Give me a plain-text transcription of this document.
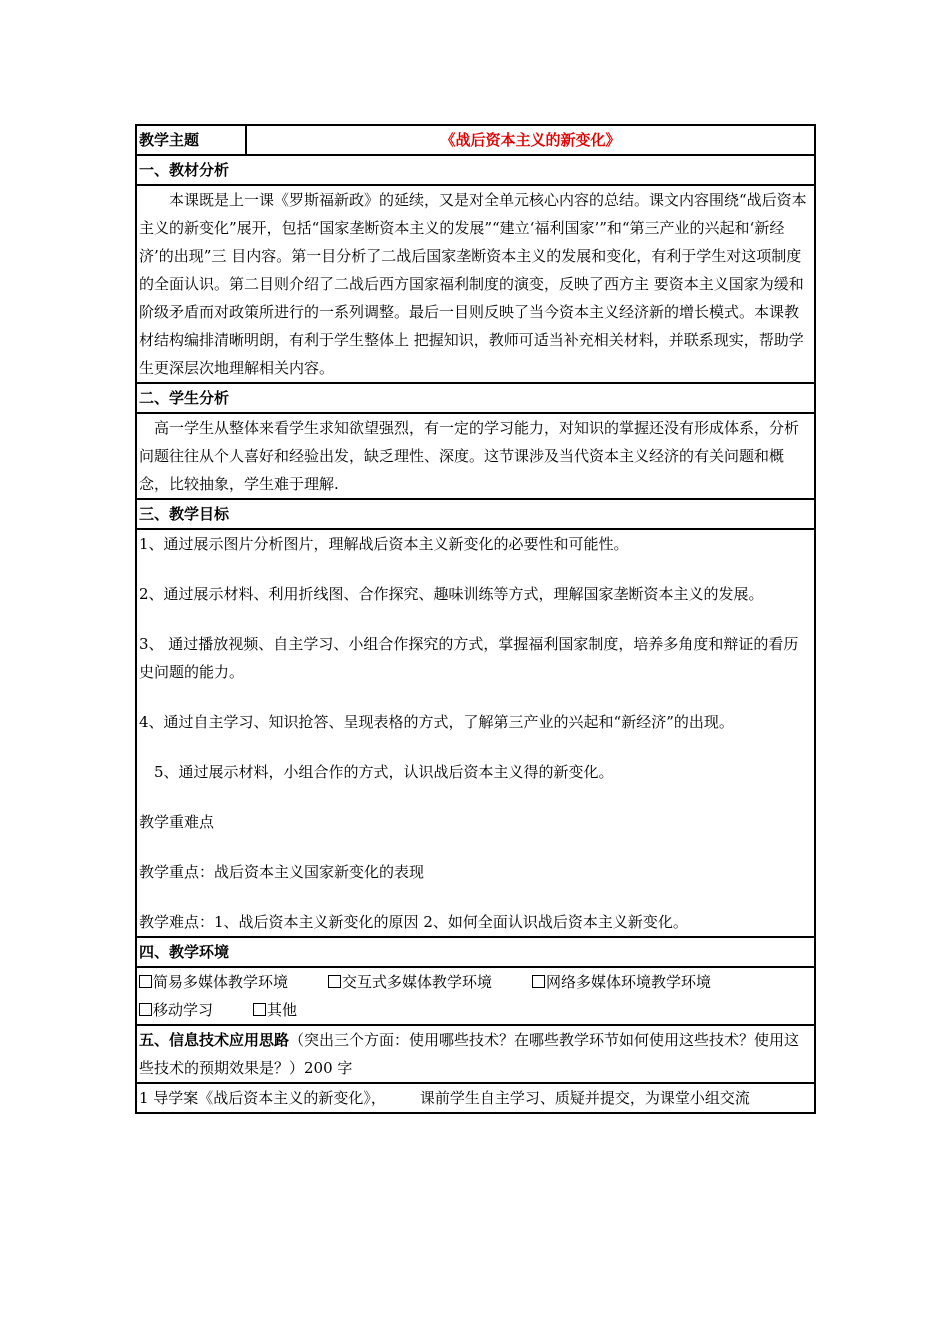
教学主题	《战后资本主义的新变化》
一、教材分析

本课既是上一课《罗斯福新政》的延续，又是对全单元核心内容的总结。课文内容围绕“战后资本主义的新变化”展开，包括“国家垄断资本主义的发展”“建立‘福利国家’”和“第三产业的兴起和‘新经济’的出现”三 目内容。第一目分析了二战后国家垄断资本主义的发展和变化，有利于学生对这项制度的全面认识。第二目则介绍了二战后西方国家福利制度的演变，反映了西方主 要资本主义国家为缓和阶级矛盾而对政策所进行的一系列调整。最后一目则反映了当今资本主义经济新的增长模式。本课教材结构编排清晰明朗，有利于学生整体上 把握知识，教师可适当补充相关材料，并联系现实，帮助学生更深层次地理解相关内容。

二、学生分析

高一学生从整体来看学生求知欲望强烈，有一定的学习能力，对知识的掌握还没有形成体系，分析问题往往从个人喜好和经验出发，缺乏理性、深度。这节课涉及当代资本主义经济的有关问题和概念，比较抽象，学生难于理解.

三、教学目标

1、通过展示图片分析图片，理解战后资本主义新变化的必要性和可能性。

2、通过展示材料、利用折线图、合作探究、趣味训练等方式，理解国家垄断资本主义的发展。

3、 通过播放视频、自主学习、小组合作探究的方式，掌握福利国家制度，培养多角度和辩证的看历史问题的能力。

4、通过自主学习、知识抢答、呈现表格的方式，了解第三产业的兴起和“新经济”的出现。

5、通过展示材料，小组合作的方式，认识战后资本主义得的新变化。

教学重难点

教学重点：战后资本主义国家新变化的表现

教学难点：1、战后资本主义新变化的原因 2、如何全面认识战后资本主义新变化。

四、教学环境
简易多媒体教学环境	交互式多媒体教学环境	网络多媒体环境教学环境
移动学习	其他
五、信息技术应用思路（突出三个方面：使用哪些技术？在哪些教学环节如何使用这些技术？使用这些技术的预期效果是？）200 字
1 导学案《战后资本主义的新变化》， 课前学生自主学习、质疑并提交，为课堂小组交流
